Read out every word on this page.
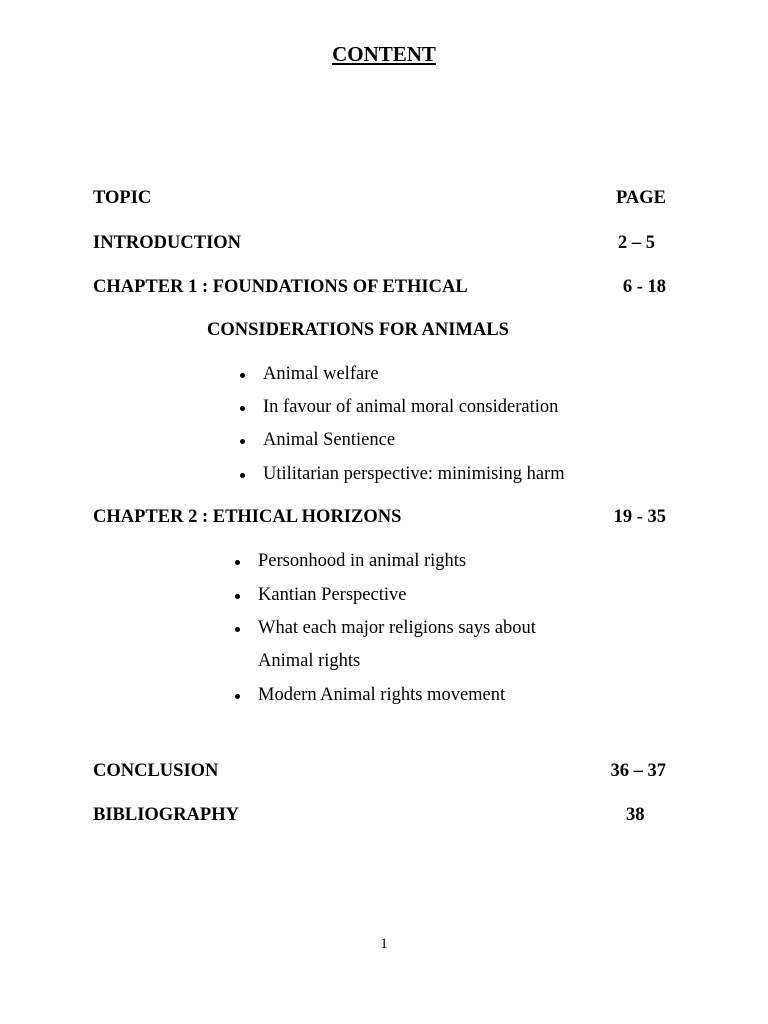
CONTENT
TOPIC	PAGE
INTRODUCTION	2 – 5
CHAPTER 1 : FOUNDATIONS OF ETHICAL	6 - 18
CONSIDERATIONS FOR ANIMALS
Animal welfare
In favour of animal moral consideration
Animal Sentience
Utilitarian perspective: minimising harm
CHAPTER 2 : ETHICAL HORIZONS	19 - 35
Personhood in animal rights
Kantian Perspective
What each major religions says about
Animal rights
Modern Animal rights movement
CONCLUSION	36 – 37
BIBLIOGRAPHY	38
1
